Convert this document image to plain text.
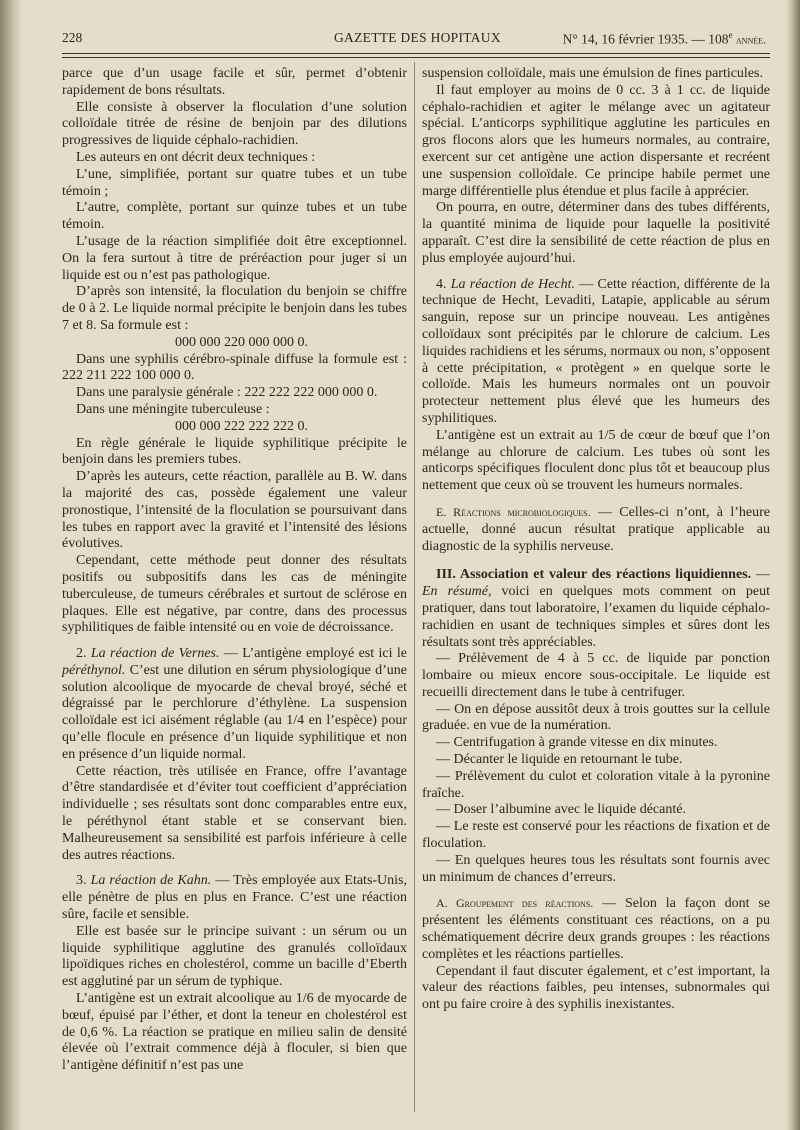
228	GAZETTE DES HOPITAUX	N° 14, 16 février 1935. — 108e année.

parce que d’un usage facile et sûr, permet d’obtenir rapidement de bons résultats.

Elle consiste à observer la floculation d’une solution colloïdale titrée de résine de benjoin par des dilutions progressives de liquide céphalo-rachidien.

Les auteurs en ont décrit deux techniques :

L’une, simplifiée, portant sur quatre tubes et un tube témoin ;

L’autre, complète, portant sur quinze tubes et un tube témoin.

L’usage de la réaction simplifiée doit être exceptionnel. On la fera surtout à titre de préréaction pour juger si un liquide est ou n’est pas pathologique.

D’après son intensité, la floculation du benjoin se chiffre de 0 à 2. Le liquide normal précipite le benjoin dans les tubes 7 et 8. Sa formule est :

000 000 220 000 000 0.

Dans une syphilis cérébro-spinale diffuse la formule est : 222 211 222 100 000 0.

Dans une paralysie générale : 222 222 222 000 000 0.

Dans une méningite tuberculeuse :

000 000 222 222 222 0.

En règle générale le liquide syphilitique précipite le benjoin dans les premiers tubes.

D’après les auteurs, cette réaction, parallèle au B. W. dans la majorité des cas, possède également une valeur pronostique, l’intensité de la floculation se poursuivant dans les tubes en rapport avec la gravité et l’intensité des lésions évolutives.

Cependant, cette méthode peut donner des résultats positifs ou subpositifs dans les cas de méningite tuberculeuse, de tumeurs cérébrales et surtout de sclérose en plaques. Elle est négative, par contre, dans des processus syphilitiques de faible intensité ou en voie de décroissance.

2. La réaction de Vernes. — L’antigène employé est ici le péréthynol. C’est une dilution en sérum physiologique d’une solution alcoolique de myocarde de cheval broyé, séché et dégraissé par le perchlorure d’éthylène. La suspension colloïdale est ici aisément réglable (au 1/4 en l’espèce) pour qu’elle flocule en présence d’un liquide syphilitique et non en présence d’un liquide normal.

Cette réaction, très utilisée en France, offre l’avantage d’être standardisée et d’éviter tout coefficient d’appréciation individuelle ; ses résultats sont donc comparables entre eux, le péréthynol étant stable et se conservant bien. Malheureusement sa sensibilité est parfois inférieure à celle des autres réactions.

3. La réaction de Kahn. — Très employée aux Etats-Unis, elle pénètre de plus en plus en France. C’est une réaction sûre, facile et sensible.

Elle est basée sur le principe suivant : un sérum ou un liquide syphilitique agglutine des granulés colloïdaux lipoïdiques riches en cholestérol, comme un bacille d’Eberth est agglutiné par un sérum de typhique.

L’antigène est un extrait alcoolique au 1/6 de myocarde de bœuf, épuisé par l’éther, et dont la teneur en cholestérol est de 0,6 %. La réaction se pratique en milieu salin de densité élevée où l’extrait commence déjà à floculer, si bien que l’antigène définitif n’est pas une

suspension colloïdale, mais une émulsion de fines particules.

Il faut employer au moins de 0 cc. 3 à 1 cc. de liquide céphalo-rachidien et agiter le mélange avec un agitateur spécial. L’anticorps syphilitique agglutine les particules en gros flocons alors que les humeurs normales, au contraire, exercent sur cet antigène une action dispersante et recréent une suspension colloïdale. Ce principe habile permet une marge différentielle plus étendue et plus facile à apprécier.

On pourra, en outre, déterminer dans des tubes différents, la quantité minima de liquide pour laquelle la positivité apparaît. C’est dire la sensibilité de cette réaction de plus en plus employée aujourd’hui.

4. La réaction de Hecht. — Cette réaction, différente de la technique de Hecht, Levaditi, Latapie, applicable au sérum sanguin, repose sur un principe nouveau. Les antigènes colloïdaux sont précipités par le chlorure de calcium. Les liquides rachidiens et les sérums, normaux ou non, s’opposent à cette précipitation, « protègent » en quelque sorte le colloïde. Mais les humeurs normales ont un pouvoir protecteur nettement plus élevé que les humeurs des syphilitiques.

L’antigène est un extrait au 1/5 de cœur de bœuf que l’on mélange au chlorure de calcium. Les tubes où sont les anticorps spécifiques floculent donc plus tôt et beaucoup plus nettement que ceux où se trouvent les humeurs normales.

E. Réactions microbiologiques. — Celles-ci n’ont, à l’heure actuelle, donné aucun résultat pratique applicable au diagnostic de la syphilis nerveuse.

III. Association et valeur des réactions liquidiennes. — En résumé, voici en quelques mots comment on peut pratiquer, dans tout laboratoire, l’examen du liquide céphalo-rachidien en usant de techniques simples et sûres dont les résultats sont très appréciables.

— Prélèvement de 4 à 5 cc. de liquide par ponction lombaire ou mieux encore sous-occipitale. Le liquide est recueilli directement dans le tube à centrifuger.

— On en dépose aussitôt deux à trois gouttes sur la cellule graduée. en vue de la numération.

— Centrifugation à grande vitesse en dix minutes.

— Décanter le liquide en retournant le tube.

— Prélèvement du culot et coloration vitale à la pyronine fraîche.

— Doser l’albumine avec le liquide décanté.

— Le reste est conservé pour les réactions de fixation et de floculation.

— En quelques heures tous les résultats sont fournis avec un minimum de chances d’erreurs.

A. Groupement des réactions. — Selon la façon dont se présentent les éléments constituant ces réactions, on a pu schématiquement décrire deux grands groupes : les réactions complètes et les réactions partielles.

Cependant il faut discuter également, et c’est important, la valeur des réactions faibles, peu intenses, subnormales qui ont pu faire croire à des syphilis inexistantes.
